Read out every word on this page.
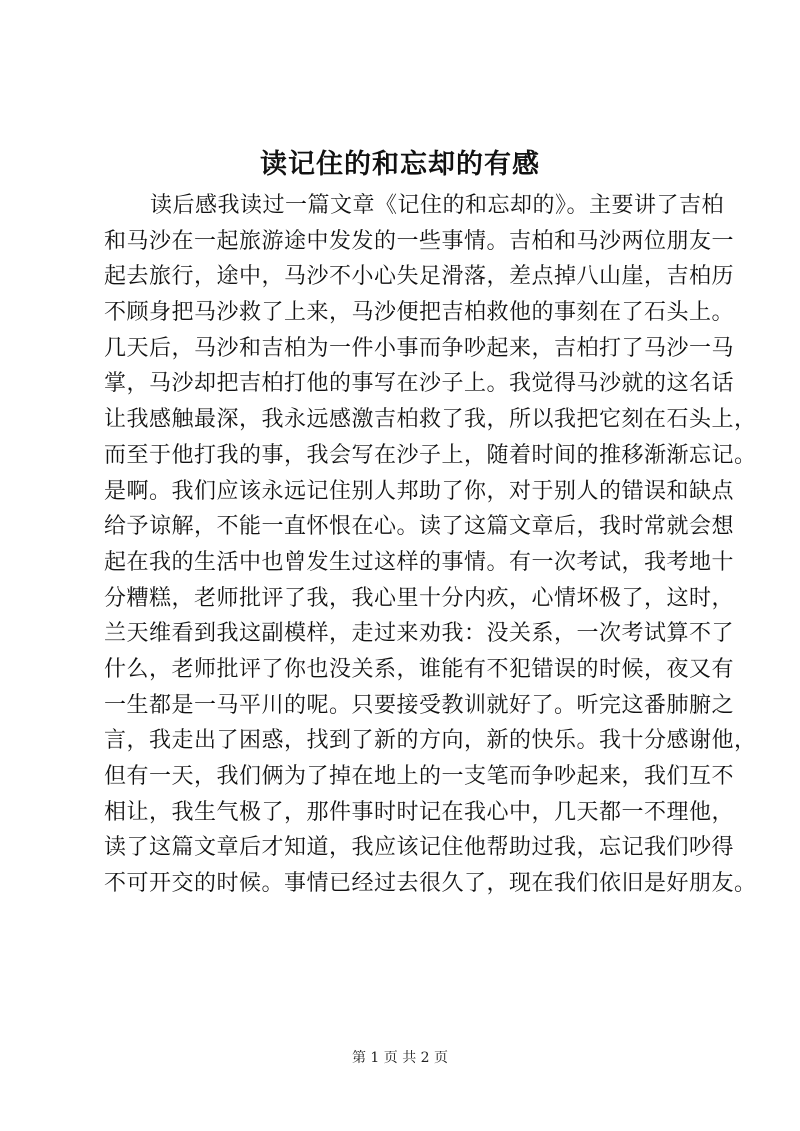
读记住的和忘却的有感
读后感我读过一篇文章《记住的和忘却的》。主要讲了吉柏
和马沙在一起旅游途中发发的一些事情。吉柏和马沙两位朋友一
起去旅行，途中，马沙不小心失足滑落，差点掉八山崖，吉柏历
不顾身把马沙救了上来，马沙便把吉柏救他的事刻在了石头上。
几天后，马沙和吉柏为一件小事而争吵起来，吉柏打了马沙一马
掌，马沙却把吉柏打他的事写在沙子上。我觉得马沙就的这名话
让我感触最深，我永远感激吉柏救了我，所以我把它刻在石头上，
而至于他打我的事，我会写在沙子上，随着时间的推移渐渐忘记。
是啊。我们应该永远记住别人邦助了你，对于别人的错误和缺点
给予谅解，不能一直怀恨在心。读了这篇文章后，我时常就会想
起在我的生活中也曾发生过这样的事情。有一次考试，我考地十
分糟糕，老师批评了我，我心里十分内疚，心情坏极了，这时，
兰天维看到我这副模样，走过来劝我：没关系，一次考试算不了
什么，老师批评了你也没关系，谁能有不犯错误的时候，夜又有
一生都是一马平川的呢。只要接受教训就好了。听完这番肺腑之
言，我走出了困惑，找到了新的方向，新的快乐。我十分感谢他，
但有一天，我们俩为了掉在地上的一支笔而争吵起来，我们互不
相让，我生气极了，那件事时时记在我心中，几天都一不理他，
读了这篇文章后才知道，我应该记住他帮助过我，忘记我们吵得
不可开交的时候。事情已经过去很久了，现在我们依旧是好朋友。
第 1 页 共 2 页
